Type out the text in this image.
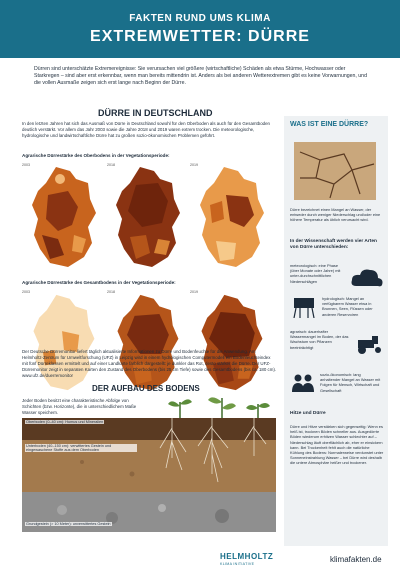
FAKTEN RUND UMS KLIMA
EXTREMWETTER: DÜRRE
Dürren sind unterschätzte Extremereignisse: Sie verursachen viel größere (wirtschaftliche) Schäden als etwa Stürme, Hochwasser oder Starkregen – sind aber erst erkennbar, wenn man bereits mittendrin ist. Anders als bei anderen Wetterextremen gibt es keine Vorwarnungen, und die vollen Ausmaße zeigen sich erst lange nach Beginn der Dürre.
DÜRRE IN DEUTSCHLAND
In den letzten Jahren hat sich das Ausmaß von Dürre in Deutschland sowohl für den Oberboden als auch für den Gesamtboden deutlich verstärkt. Vor allem das Jahr 2003 sowie die Jahre 2018 und 2019 waren extrem trocken. Die meteorologische, hydrologische und landwirtschaftliche Dürre hat zu großen sozio-ökonomischen Problemen geführt.
Agrarische Dürrestärke des Oberbodens in der Vegetationsperiode:
2003	2018	2019
Agrarische Dürrestärke des Gesamtbodens in der Vegetationsperiode:
2003	2018	2019
Der Deutsche Dürremonitor liefert täglich aktualisierte Informationen zu Dürre und Bodenfeuchte für die Anwendung. Am Helmholtz-Zentrum für Umweltforschung (UFZ) in Leipzig wird in einem hydrologischen Computermodell ein Bodenfeuchteindex mit fünf Dürreklassen ermittelt und auf einer Landkarte farblich dargestellt: je dunkler das Rot, desto stärker die Dürre. Der UFZ-Dürremonitor zeigt in separaten Karten den Zustand des Oberbodens (bis 25 cm Tiefe) sowie des Gesamtbodens (bis ca. 180 cm). www.ufz.de/duerremonitor
DER AUFBAU DES BODENS
Jeder Boden besitzt eine charakteristische Abfolge von Schichten (bzw. Horizonte), die in unterschiedlichem Maße Wasser speichern.
Oberboden (0–40 cm): Humus und Mineralien
Unterboden (40–150 cm): verwittertes Gestein und eingewaschene Stoffe aus dem Oberboden
Grundgestein (> 10 Meter): unverwittertes Gestein
WAS IST EINE DÜRRE?
Dürre bezeichnet einen Mangel an Wasser, der entweder durch weniger Niederschlag und/oder eine höhere Temperatur als üblich verursacht wird.
In der Wissenschaft werden vier Arten von Dürre unterschieden:
meteorologisch: eine Phase (über Monate oder Jahre) mit unter-durchschnittlichen Niederschlägen
hydrologisch: Mangel an verfügbarem Wasser etwa in Brunnen, Seen, Flüssen oder anderen Reservoiren
agrarisch: dauerhafter Wassermangel im Boden, der das Wachstum von Pflanzen beeinträchtigt
sozio-ökonomisch: lang anhaltender Mangel an Wasser mit Folgen für Mensch, Wirtschaft und Gesellschaft
Hitze und Dürre
Dürre und Hitze verstärken sich gegenseitig: Wenn es heiß ist, trocknen Böden schneller aus. Ausgedörrte Böden wiederum erhitzen Wasser schlechter auf – Niederschlag läuft oberflächlich ab, eher er einsickern kann. Bei Trockenheit fehlt auch die natürliche Kühlung des Bodens: Normalerweise verdunstet unter Sonneneinstrahlung Wasser – bei Dürre wird deshalb die untere Atmosphäre heißer und trockener.
HELMHOLTZ
KLIMA INITIATIVE	klimafakten.de
